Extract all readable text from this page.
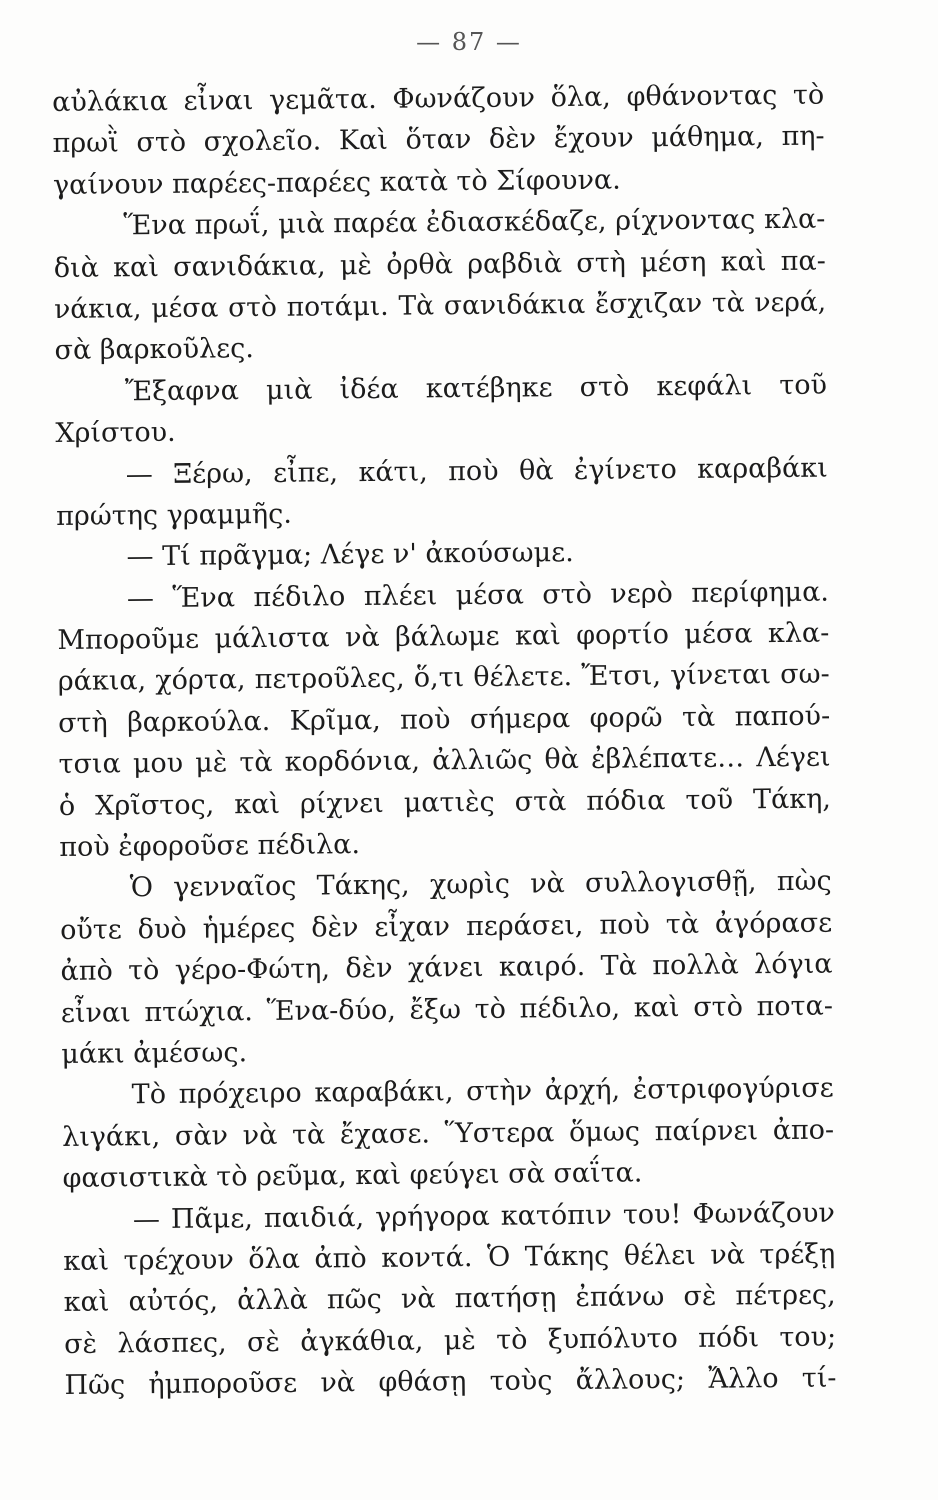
— 87 —
αὐλάκια εἶναι γεμᾶτα. Φωνάζουν ὅλα, φθάνοντας τὸ
πρωῒ στὸ σχολεῖο. Καὶ ὅταν δὲν ἔχουν μάθημα, πη-
γαίνουν παρέες-παρέες κατὰ τὸ Σίφουνα.
Ἕνα πρωΐ, μιὰ παρέα ἐδιασκέδαζε, ρίχνοντας κλα-
διὰ καὶ σανιδάκια, μὲ ὀρθὰ ραβδιὰ στὴ μέση καὶ πα-
νάκια, μέσα στὸ ποτάμι. Τὰ σανιδάκια ἔσχιζαν τὰ νερά,
σὰ βαρκοῦλες.
Ἔξαφνα μιὰ ἰδέα κατέβηκε στὸ κεφάλι τοῦ
Χρίστου.
— Ξέρω, εἶπε, κάτι, ποὺ θὰ ἐγίνετο καραβάκι
πρώτης γραμμῆς.
— Τί πρᾶγμα; Λέγε ν' ἀκούσωμε.
— Ἕνα πέδιλο πλέει μέσα στὸ νερὸ περίφημα.
Μποροῦμε μάλιστα νὰ βάλωμε καὶ φορτίο μέσα κλα-
ράκια, χόρτα, πετροῦλες, ὅ,τι θέλετε. Ἔτσι, γίνεται σω-
στὴ βαρκούλα. Κρῖμα, ποὺ σήμερα φορῶ τὰ παπού-
τσια μου μὲ τὰ κορδόνια, ἀλλιῶς θὰ ἐβλέπατε… Λέγει
ὁ Χρῖστος, καὶ ρίχνει ματιὲς στὰ πόδια τοῦ Τάκη,
ποὺ ἐφοροῦσε πέδιλα.
Ὁ γενναῖος Τάκης, χωρὶς νὰ συλλογισθῇ, πὼς
οὔτε δυὸ ἡμέρες δὲν εἶχαν περάσει, ποὺ τὰ ἀγόρασε
ἀπὸ τὸ γέρο-Φώτη, δὲν χάνει καιρό. Τὰ πολλὰ λόγια
εἶναι πτώχια. Ἕνα-δύο, ἔξω τὸ πέδιλο, καὶ στὸ ποτα-
μάκι ἀμέσως.
Τὸ πρόχειρο καραβάκι, στὴν ἀρχή, ἐστριφογύρισε
λιγάκι, σὰν νὰ τὰ ἔχασε. Ὕστερα ὅμως παίρνει ἀπο-
φασιστικὰ τὸ ρεῦμα, καὶ φεύγει σὰ σαΐτα.
— Πᾶμε, παιδιά, γρήγορα κατόπιν του! Φωνάζουν
καὶ τρέχουν ὅλα ἀπὸ κοντά. Ὁ Τάκης θέλει νὰ τρέξῃ
καὶ αὐτός, ἀλλὰ πῶς νὰ πατήσῃ ἐπάνω σὲ πέτρες,
σὲ λάσπες, σὲ ἀγκάθια, μὲ τὸ ξυπόλυτο πόδι του;
Πῶς ἠμποροῦσε νὰ φθάσῃ τοὺς ἄλλους; Ἄλλο τί-
